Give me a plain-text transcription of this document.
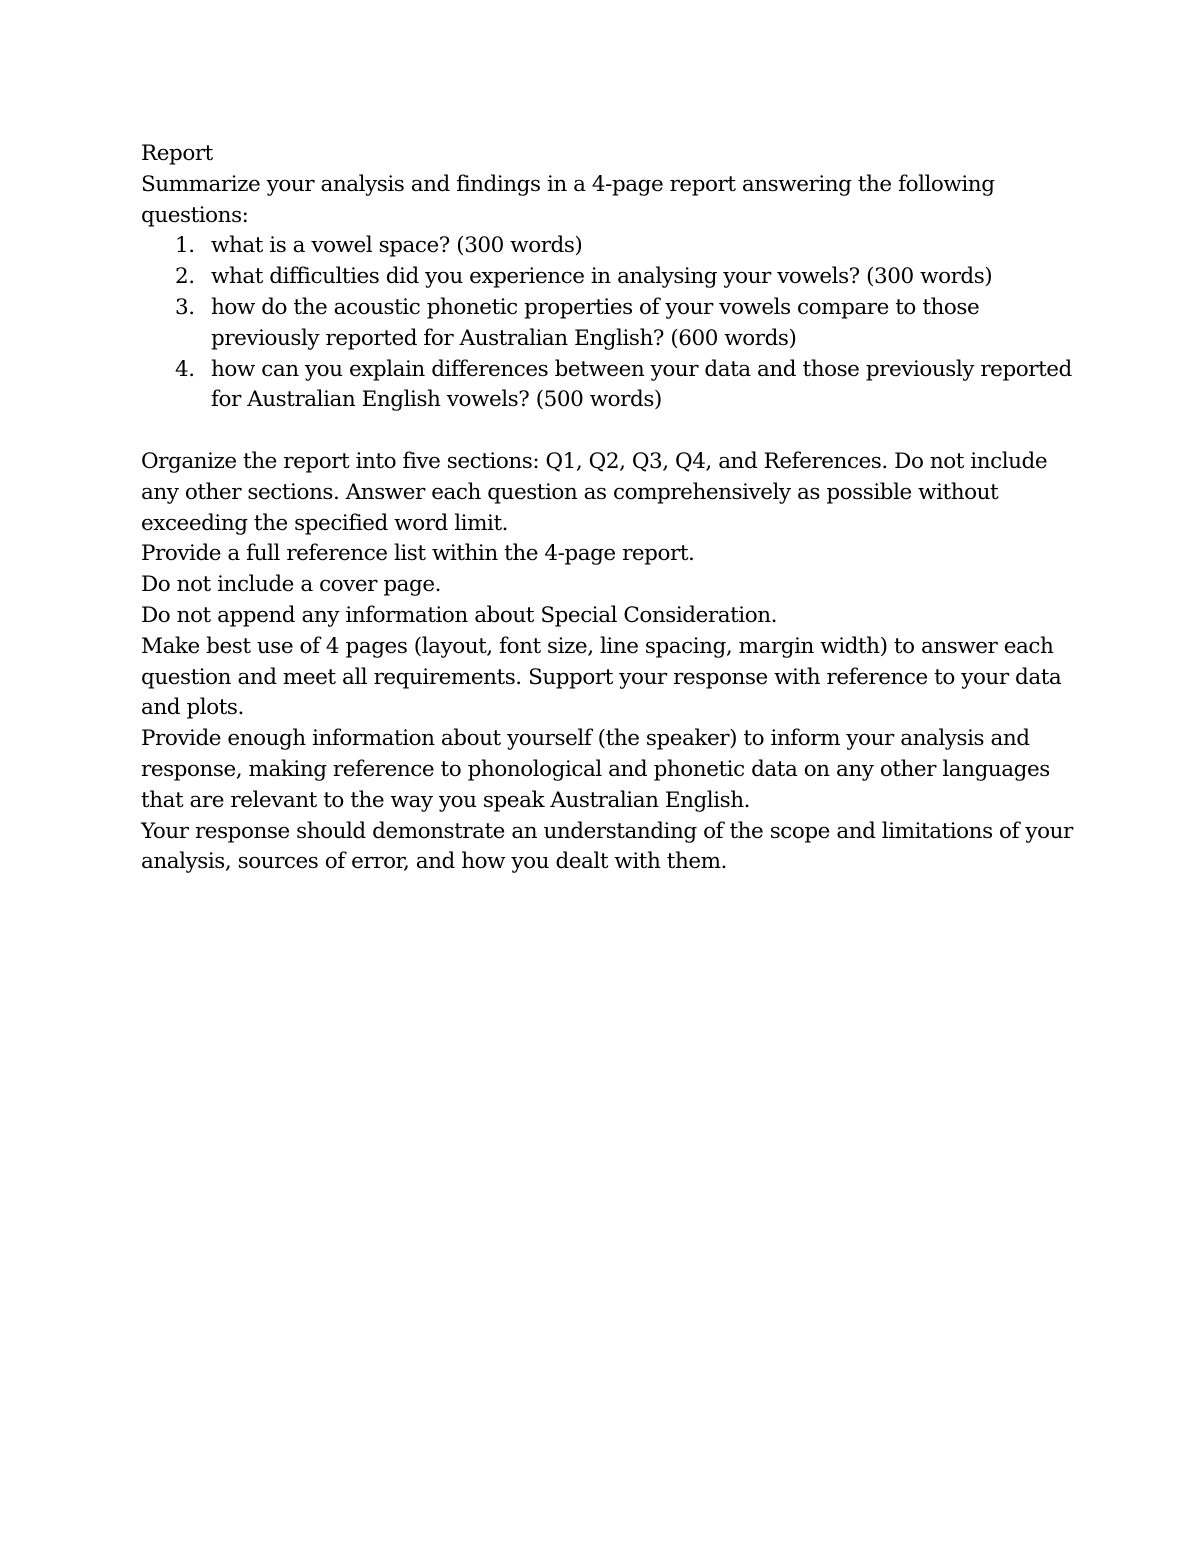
Report

Summarize your analysis and findings in a 4-page report answering the following questions:

1. what is a vowel space? (300 words)
2. what difficulties did you experience in analysing your vowels? (300 words)
3. how do the acoustic phonetic properties of your vowels compare to those previously reported for Australian English? (600 words)
4. how can you explain differences between your data and those previously reported for Australian English vowels? (500 words)

Organize the report into five sections: Q1, Q2, Q3, Q4, and References. Do not include any other sections. Answer each question as comprehensively as possible without exceeding the specified word limit.

Provide a full reference list within the 4-page report.

Do not include a cover page.

Do not append any information about Special Consideration.

Make best use of 4 pages (layout, font size, line spacing, margin width) to answer each question and meet all requirements. Support your response with reference to your data and plots.

Provide enough information about yourself (the speaker) to inform your analysis and response, making reference to phonological and phonetic data on any other languages that are relevant to the way you speak Australian English.

Your response should demonstrate an understanding of the scope and limitations of your analysis, sources of error, and how you dealt with them.
